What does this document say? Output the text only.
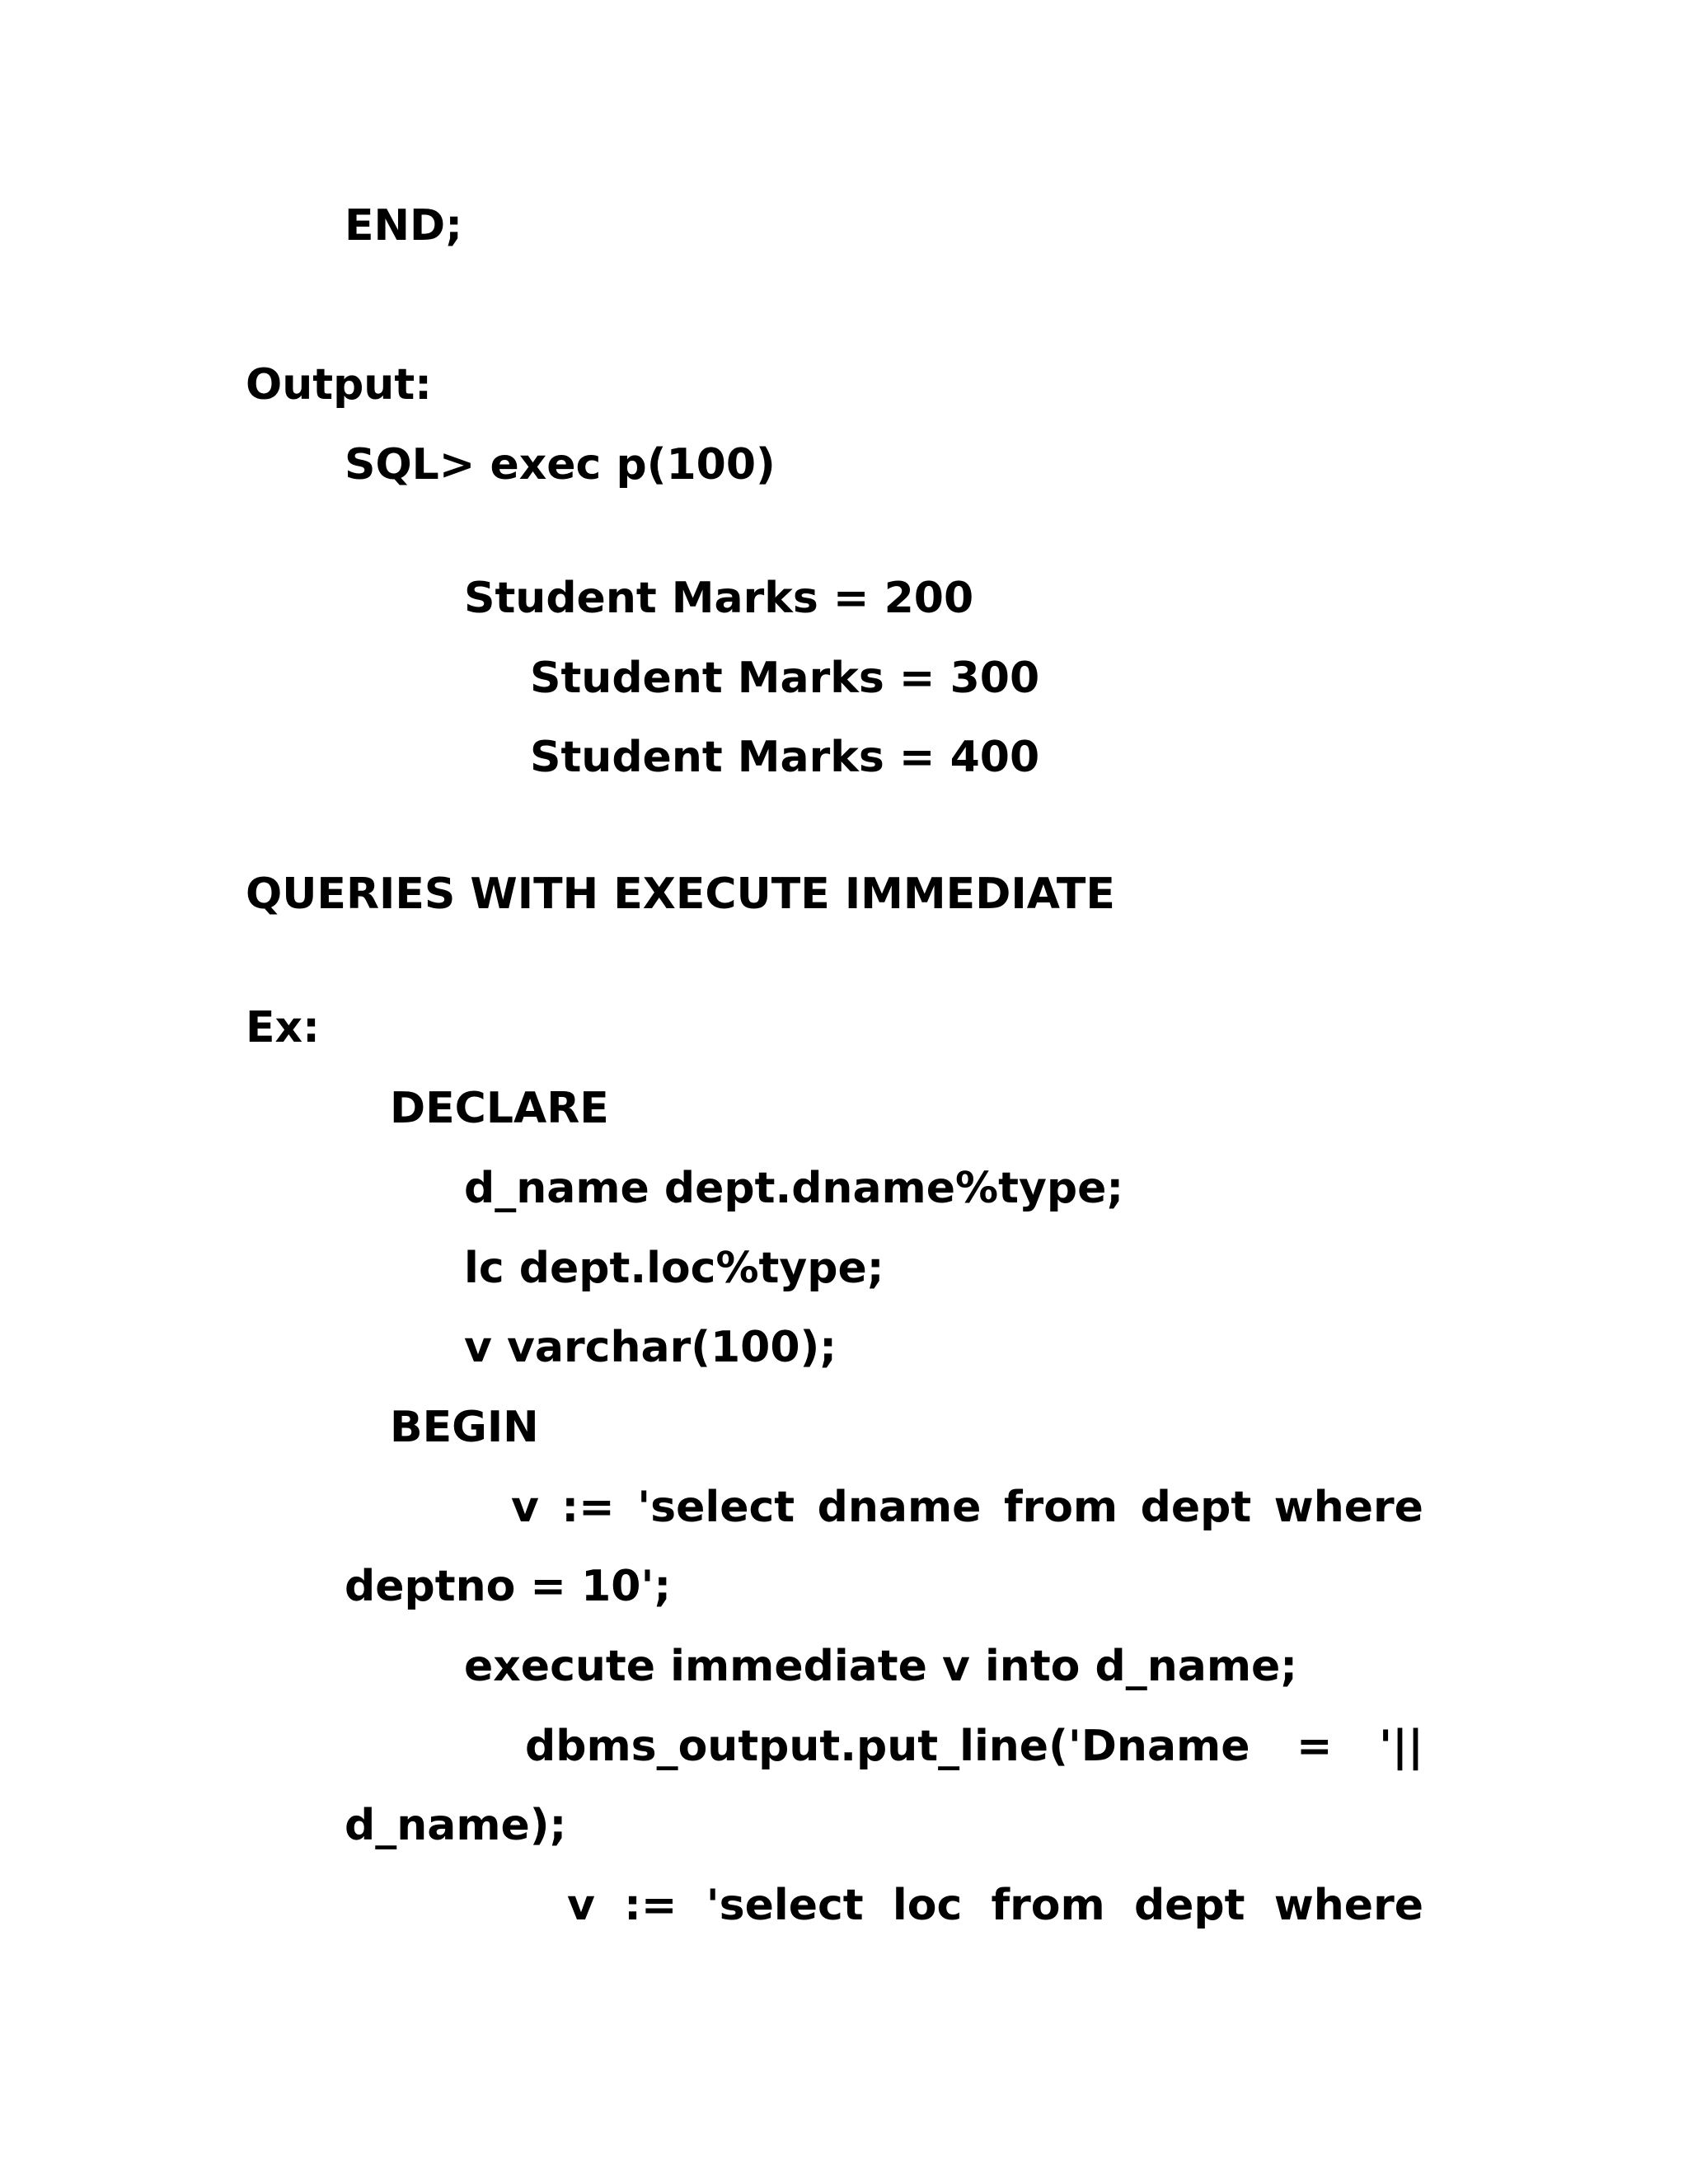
END;
Output:
SQL> exec p(100)
Student Marks = 200
Student Marks = 300
Student Marks = 400
QUERIES WITH EXECUTE IMMEDIATE
Ex:
DECLARE
d_name dept.dname%type;
lc dept.loc%type;
v varchar(100);
BEGIN
v := 'select dname from dept where
deptno = 10';
execute immediate v into d_name;
dbms_output.put_line('Dname = '||
d_name);
v := 'select loc from dept where
